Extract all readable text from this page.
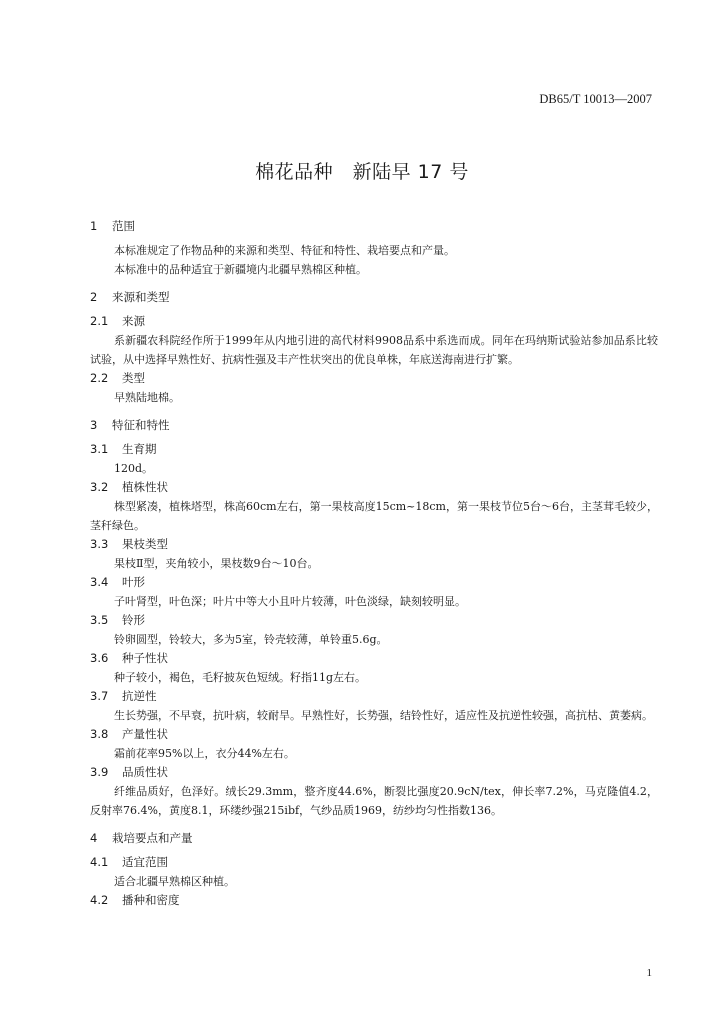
DB65/T 10013—2007
棉花品种　新陆早 17 号
1 范围

本标准规定了作物品种的来源和类型、特征和特性、栽培要点和产量。

本标准中的品种适宜于新疆境内北疆早熟棉区种植。

2 来源和类型
2.1 来源

系新疆农科院经作所于1999年从内地引进的高代材料9908品系中系选而成。同年在玛纳斯试验站参加品系比较试验，从中选择早熟性好、抗病性强及丰产性状突出的优良单株，年底送海南进行扩繁。

2.2 类型

早熟陆地棉。

3 特征和特性
3.1 生育期

120d。

3.2 植株性状

株型紧凑，植株塔型，株高60cm左右，第一果枝高度15cm~18cm，第一果枝节位5台～6台，主茎茸毛较少，茎秆绿色。

3.3 果枝类型

果枝Ⅱ型，夹角较小，果枝数9台～10台。

3.4 叶形

子叶肾型，叶色深；叶片中等大小且叶片较薄，叶色淡绿，缺刻较明显。

3.5 铃形

铃卵圆型，铃较大，多为5室，铃壳较薄，单铃重5.6g。

3.6 种子性状

种子较小，褐色，毛籽披灰色短绒。籽指11g左右。

3.7 抗逆性

生长势强，不早衰，抗叶病，较耐旱。早熟性好，长势强，结铃性好，适应性及抗逆性较强，高抗枯、黄萎病。

3.8 产量性状

霜前花率95%以上，衣分44%左右。

3.9 品质性状

纤维品质好，色泽好。绒长29.3mm，整齐度44.6%，断裂比强度20.9cN/tex，伸长率7.2%，马克隆值4.2，反射率76.4%，黄度8.1，环缕纱强215ibf，气纱品质1969，纺纱均匀性指数136。

4 栽培要点和产量
4.1 适宜范围

适合北疆早熟棉区种植。

4.2 播种和密度
1
